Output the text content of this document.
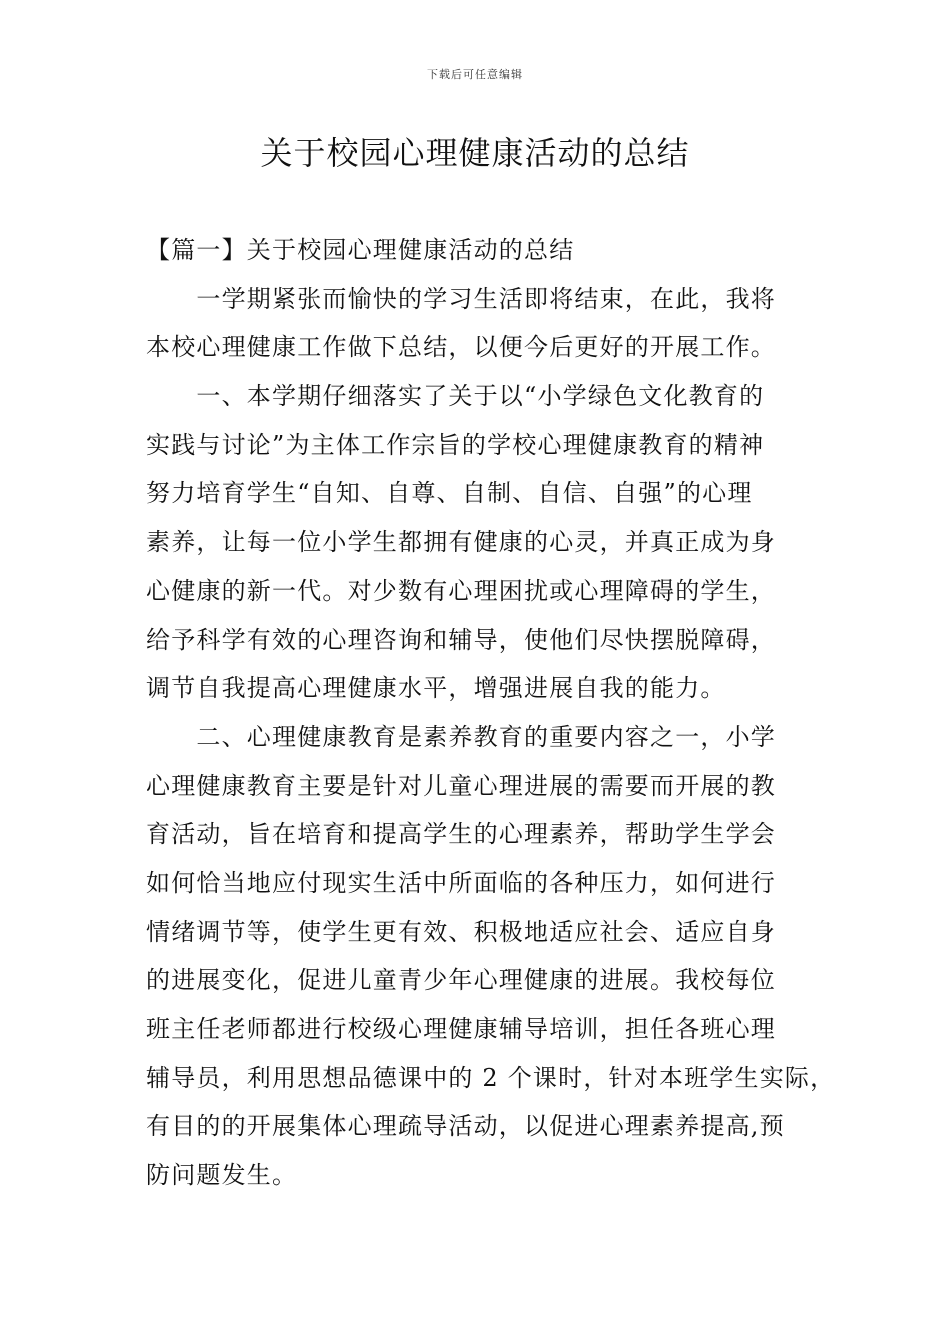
下载后可任意编辑
关于校园心理健康活动的总结
【篇一】关于校园心理健康活动的总结
　　一学期紧张而愉快的学习生活即将结束，在此，我将
本校心理健康工作做下总结，以便今后更好的开展工作。
　　一、本学期仔细落实了关于以“小学绿色文化教育的
实践与讨论”为主体工作宗旨的学校心理健康教育的精神
努力培育学生“自知、自尊、自制、自信、自强”的心理
素养，让每一位小学生都拥有健康的心灵，并真正成为身
心健康的新一代。对少数有心理困扰或心理障碍的学生，
给予科学有效的心理咨询和辅导，使他们尽快摆脱障碍，
调节自我提高心理健康水平，增强进展自我的能力。
　　二、心理健康教育是素养教育的重要内容之一，小学
心理健康教育主要是针对儿童心理进展的需要而开展的教
育活动，旨在培育和提高学生的心理素养，帮助学生学会
如何恰当地应付现实生活中所面临的各种压力，如何进行
情绪调节等，使学生更有效、积极地适应社会、适应自身
的进展变化，促进儿童青少年心理健康的进展。我校每位
班主任老师都进行校级心理健康辅导培训，担任各班心理
辅导员，利用思想品德课中的 2 个课时，针对本班学生实际，
有目的的开展集体心理疏导活动，以促进心理素养提高,预
防问题发生。
